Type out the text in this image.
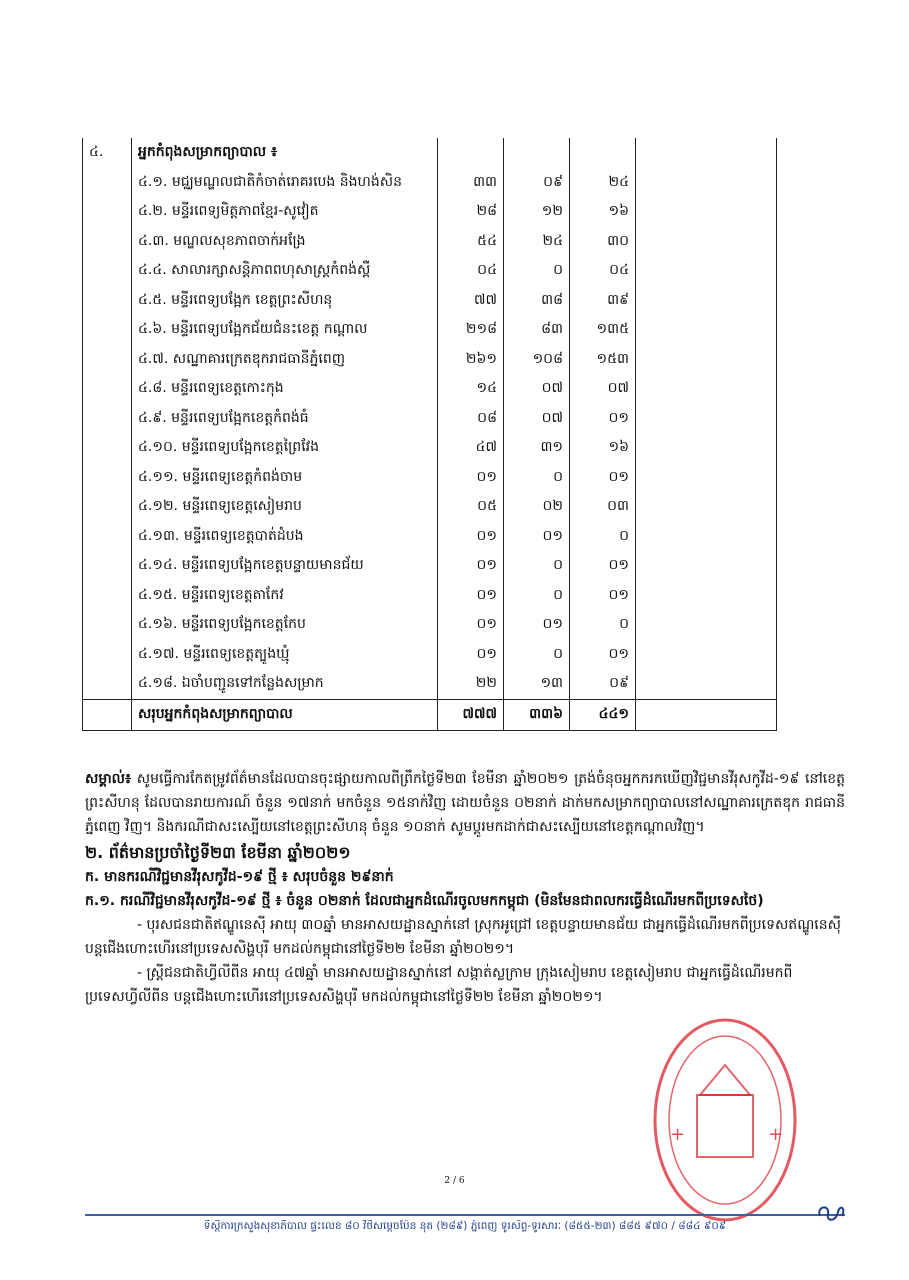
៤.	អ្នកកំពុងសម្រាកព្យាបាល ៖				
	៤.១. មជ្ឈមណ្ឌលជាតិកំចាត់រោគរបេង និងហង់សិន	៣៣	០៩	២៤	
	៤.២. មន្ទីរពេទ្យមិត្តភាពខ្មែរ-សូវៀត	២៨	១២	១៦	
	៤.៣. មណ្ឌលសុខភាពចាក់អង្រែ	៥៤	២៤	៣០	
	៤.៤. សាលារក្សាសន្តិភាពពហុសាស្ត្រកំពង់ស្ពឺ	០៤	០	០៤	
	៤.៥. មន្ទីរពេទ្យបង្អែក ខេត្តព្រះសីហនុ	៧៧	៣៨	៣៩	
	៤.៦. មន្ទីរពេទ្យបង្អែកជ័យជំនះខេត្ត កណ្តាល	២១៨	៨៣	១៣៥	
	៤.៧. សណ្ឋាគារក្រេតឌុករាជធានីភ្នំពេញ	២៦១	១០៨	១៥៣	
	៤.៨. មន្ទីរពេទ្យខេត្តកោះកុង	១៤	០៧	០៧	
	៤.៩. មន្ទីរពេទ្យបង្អែកខេត្តកំពង់ធំ	០៨	០៧	០១	
	៤.១០. មន្ទីរពេទ្យបង្អែកខេត្តព្រៃវែង	៤៧	៣១	១៦	
	៤.១១. មន្ទីរពេទ្យខេត្តកំពង់ចាម	០១	០	០១	
	៤.១២. មន្ទីរពេទ្យខេត្តសៀមរាប	០៥	០២	០៣	
	៤.១៣. មន្ទីរពេទ្យខេត្តបាត់ដំបង	០១	០១	០	
	៤.១៤. មន្ទីរពេទ្យបង្អែកខេត្តបន្ទាយមានជ័យ	០១	០	០១	
	៤.១៥. មន្ទីរពេទ្យខេត្តតាកែវ	០១	០	០១	
	៤.១៦. មន្ទីរពេទ្យបង្អែកខេត្តកែប	០១	០១	០	
	៤.១៧. មន្ទីរពេទ្យខេត្តត្បូងឃ្មុំ	០១	០	០១	
	៤.១៨. ឯចាំបញ្ជូនទៅកន្លែងសម្រាក	២២	១៣	០៩	
	សរុបអ្នកកំពុងសម្រាកព្យាបាល	៧៧៧	៣៣៦	៤៤១	

សម្គាល់៖ សូមធ្វើការកែតម្រូវព័ត៌មានដែលបានចុះផ្សាយកាលពីព្រឹកថ្ងៃទី២៣ ខែមីនា ឆ្នាំ២០២១ ត្រង់ចំនុចអ្នកករកឃើញវិជ្ជមានវីរុសកូវីដ-១៩ នៅខេត្តព្រះសីហនុ ដែលបានរាយការណ៍ ចំនួន ១៧នាក់ មកចំនួន ១៥នាក់វិញ ដោយចំនួន ០២នាក់ ដាក់មកសម្រាកព្យាបាលនៅសណ្ឋាគារក្រេតឌុក រាជធានីភ្នំពេញ វិញ។ និងករណីជាសះស្បើយនៅខេត្តព្រះសីហនុ ចំនួន ១០នាក់ សូមប្តូរមកដាក់ជាសះស្បើយនៅខេត្តកណ្តាលវិញ។

២. ព័ត៌មានប្រចាំថ្ងៃទី២៣ ខែមីនា ឆ្នាំ២០២១

ក. មានករណីវិជ្ជមានវីរុសកូវីដ-១៩ ថ្មី ៖ សរុបចំនួន ២៩នាក់

ក.១. ករណីវិជ្ជមានវីរុសកូវីដ-១៩ ថ្មី ៖ ចំនួន ០២នាក់ ដែលជាអ្នកដំណើរចូលមកកម្ពុជា (មិនមែនជាពលករធ្វើដំណើរមកពីប្រទេសថៃ)

- បុរសជនជាតិឥណ្ឌូនេស៊ី អាយុ ៣០ឆ្នាំ មានអាសយដ្ឋានស្នាក់នៅ ស្រុកអូជ្រៅ ខេត្តបន្ទាយមានជ័យ ជាអ្នកធ្វើដំណើរមកពីប្រទេសឥណ្ឌូនេស៊ី បន្តជើងហោះហើរនៅប្រទេសសិង្ហបុរី មកដល់កម្ពុជានៅថ្ងៃទី២២ ខែមីនា ឆ្នាំ២០២១។

- ស្ត្រីជនជាតិហ្វីលីពីន អាយុ ៤៧ឆ្នាំ មានអាសយដ្ឋានស្នាក់នៅ សង្កាត់ស្លក្រាម ក្រុងសៀមរាប ខេត្តសៀមរាប ជាអ្នកធ្វើដំណើរមកពីប្រទេសហ្វីលីពីន បន្តជើងហោះហើរនៅប្រទេសសិង្ហបុរី មកដល់កម្ពុជានៅថ្ងៃទី២២ ខែមីនា ឆ្នាំ២០២១។

+	+
2 / 6
ទីស្តីការក្រសួងសុខាភិបាល ផ្ទះលេខ ៨០ វិថីសម្តេចប៉ែន នុត (២៨៩) ភ្នំពេញ ទូរស័ព្ទ-ទូរសារៈ (៨៥៥-២៣) ៨៨៥ ៩៧០ / ៨៨៤ ៩០៩
